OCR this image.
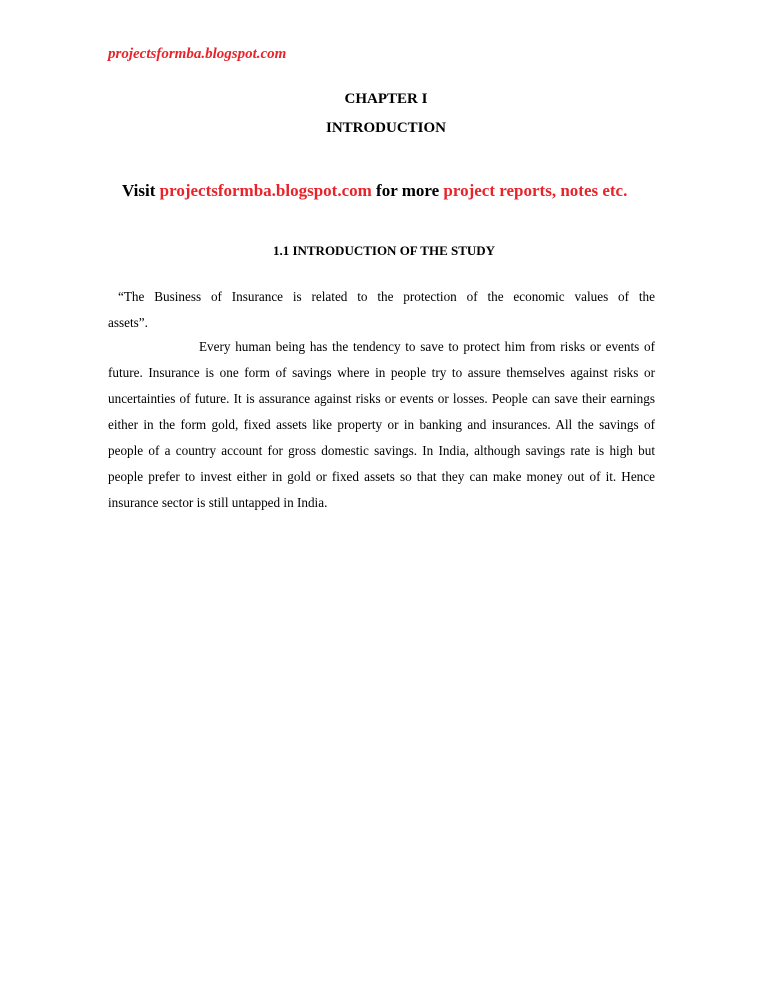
projectsformba.blogspot.com
CHAPTER I
INTRODUCTION
Visit projectsformba.blogspot.com for more project reports, notes etc.
1.1 INTRODUCTION OF THE STUDY
“The Business of Insurance is related to the protection of the economic values of the
assets”.
Every human being has the tendency to save to protect him from risks or events of future. Insurance is one form of savings where in people try to assure themselves against risks or uncertainties of future. It is assurance against risks or events or losses. People can save their earnings either in the form gold, fixed assets like property or in banking and insurances. All the savings of people of a country account for gross domestic savings. In India, although savings rate is high but people prefer to invest either in gold or fixed assets so that they can make money out of it. Hence insurance sector is still untapped in India.
